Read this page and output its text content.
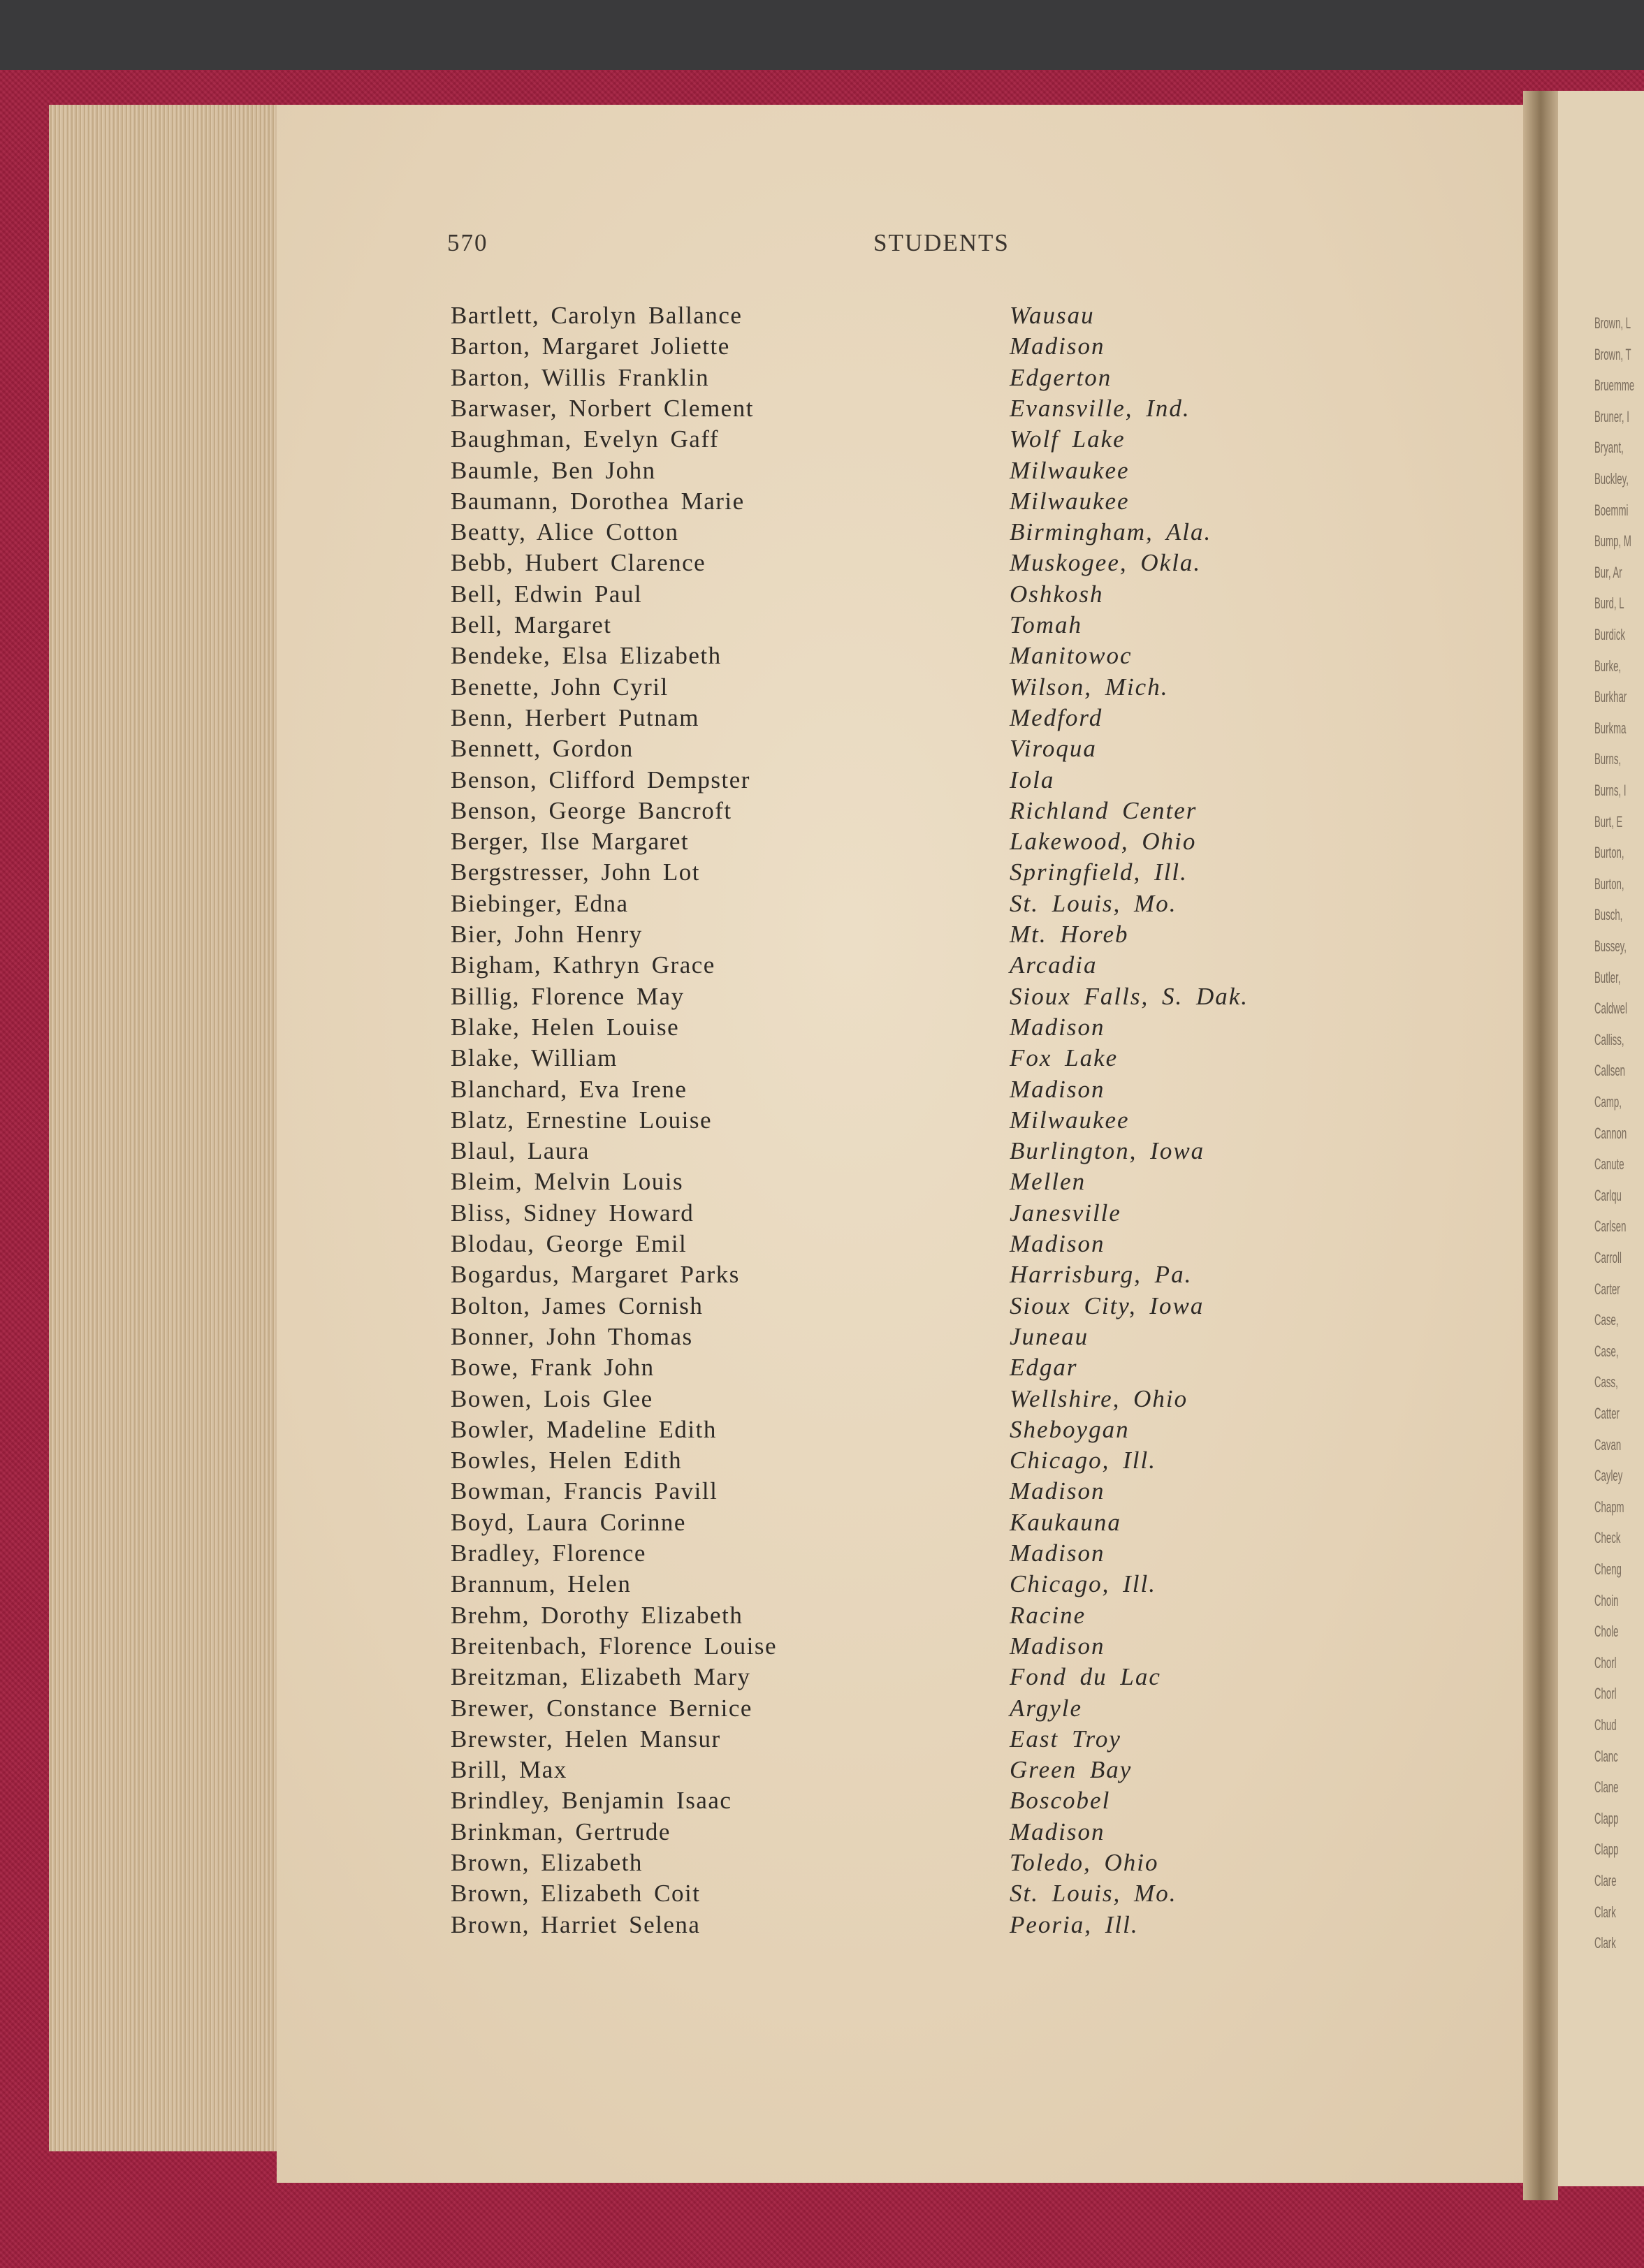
Brown, L
Brown, T
Bruemme
Bruner, I
Bryant,
Buckley,
Boemmi
Bump, M
Bur, Ar
Burd, L
Burdick
Burke,
Burkhar
Burkma
Burns,
Burns, I
Burt, E
Burton,
Burton,
Busch,
Bussey,
Butler,
Caldwel
Calliss,
Callsen
Camp,
Cannon
Canute
Carlqu
Carlsen
Carroll
Carter
Case,
Case,
Cass,
Catter
Cavan
Cayley
Chapm
Check
Cheng
Choin
Chole
Chorl
Chorl
Chud
Clanc
Clane
Clapp
Clapp
Clare
Clark
Clark
570	STUDENTS
Bartlett, Carolyn Ballance	Wausau
Barton, Margaret Joliette	Madison
Barton, Willis Franklin	Edgerton
Barwaser, Norbert Clement	Evansville, Ind.
Baughman, Evelyn Gaff	Wolf Lake
Baumle, Ben John	Milwaukee
Baumann, Dorothea Marie	Milwaukee
Beatty, Alice Cotton	Birmingham, Ala.
Bebb, Hubert Clarence	Muskogee, Okla.
Bell, Edwin Paul	Oshkosh
Bell, Margaret	Tomah
Bendeke, Elsa Elizabeth	Manitowoc
Benette, John Cyril	Wilson, Mich.
Benn, Herbert Putnam	Medford
Bennett, Gordon	Viroqua
Benson, Clifford Dempster	Iola
Benson, George Bancroft	Richland Center
Berger, Ilse Margaret	Lakewood, Ohio
Bergstresser, John Lot	Springfield, Ill.
Biebinger, Edna	St. Louis, Mo.
Bier, John Henry	Mt. Horeb
Bigham, Kathryn Grace	Arcadia
Billig, Florence May	Sioux Falls, S. Dak.
Blake, Helen Louise	Madison
Blake, William	Fox Lake
Blanchard, Eva Irene	Madison
Blatz, Ernestine Louise	Milwaukee
Blaul, Laura	Burlington, Iowa
Bleim, Melvin Louis	Mellen
Bliss, Sidney Howard	Janesville
Blodau, George Emil	Madison
Bogardus, Margaret Parks	Harrisburg, Pa.
Bolton, James Cornish	Sioux City, Iowa
Bonner, John Thomas	Juneau
Bowe, Frank John	Edgar
Bowen, Lois Glee	Wellshire, Ohio
Bowler, Madeline Edith	Sheboygan
Bowles, Helen Edith	Chicago, Ill.
Bowman, Francis Pavill	Madison
Boyd, Laura Corinne	Kaukauna
Bradley, Florence	Madison
Brannum, Helen	Chicago, Ill.
Brehm, Dorothy Elizabeth	Racine
Breitenbach, Florence Louise	Madison
Breitzman, Elizabeth Mary	Fond du Lac
Brewer, Constance Bernice	Argyle
Brewster, Helen Mansur	East Troy
Brill, Max	Green Bay
Brindley, Benjamin Isaac	Boscobel
Brinkman, Gertrude	Madison
Brown, Elizabeth	Toledo, Ohio
Brown, Elizabeth Coit	St. Louis, Mo.
Brown, Harriet Selena	Peoria, Ill.
